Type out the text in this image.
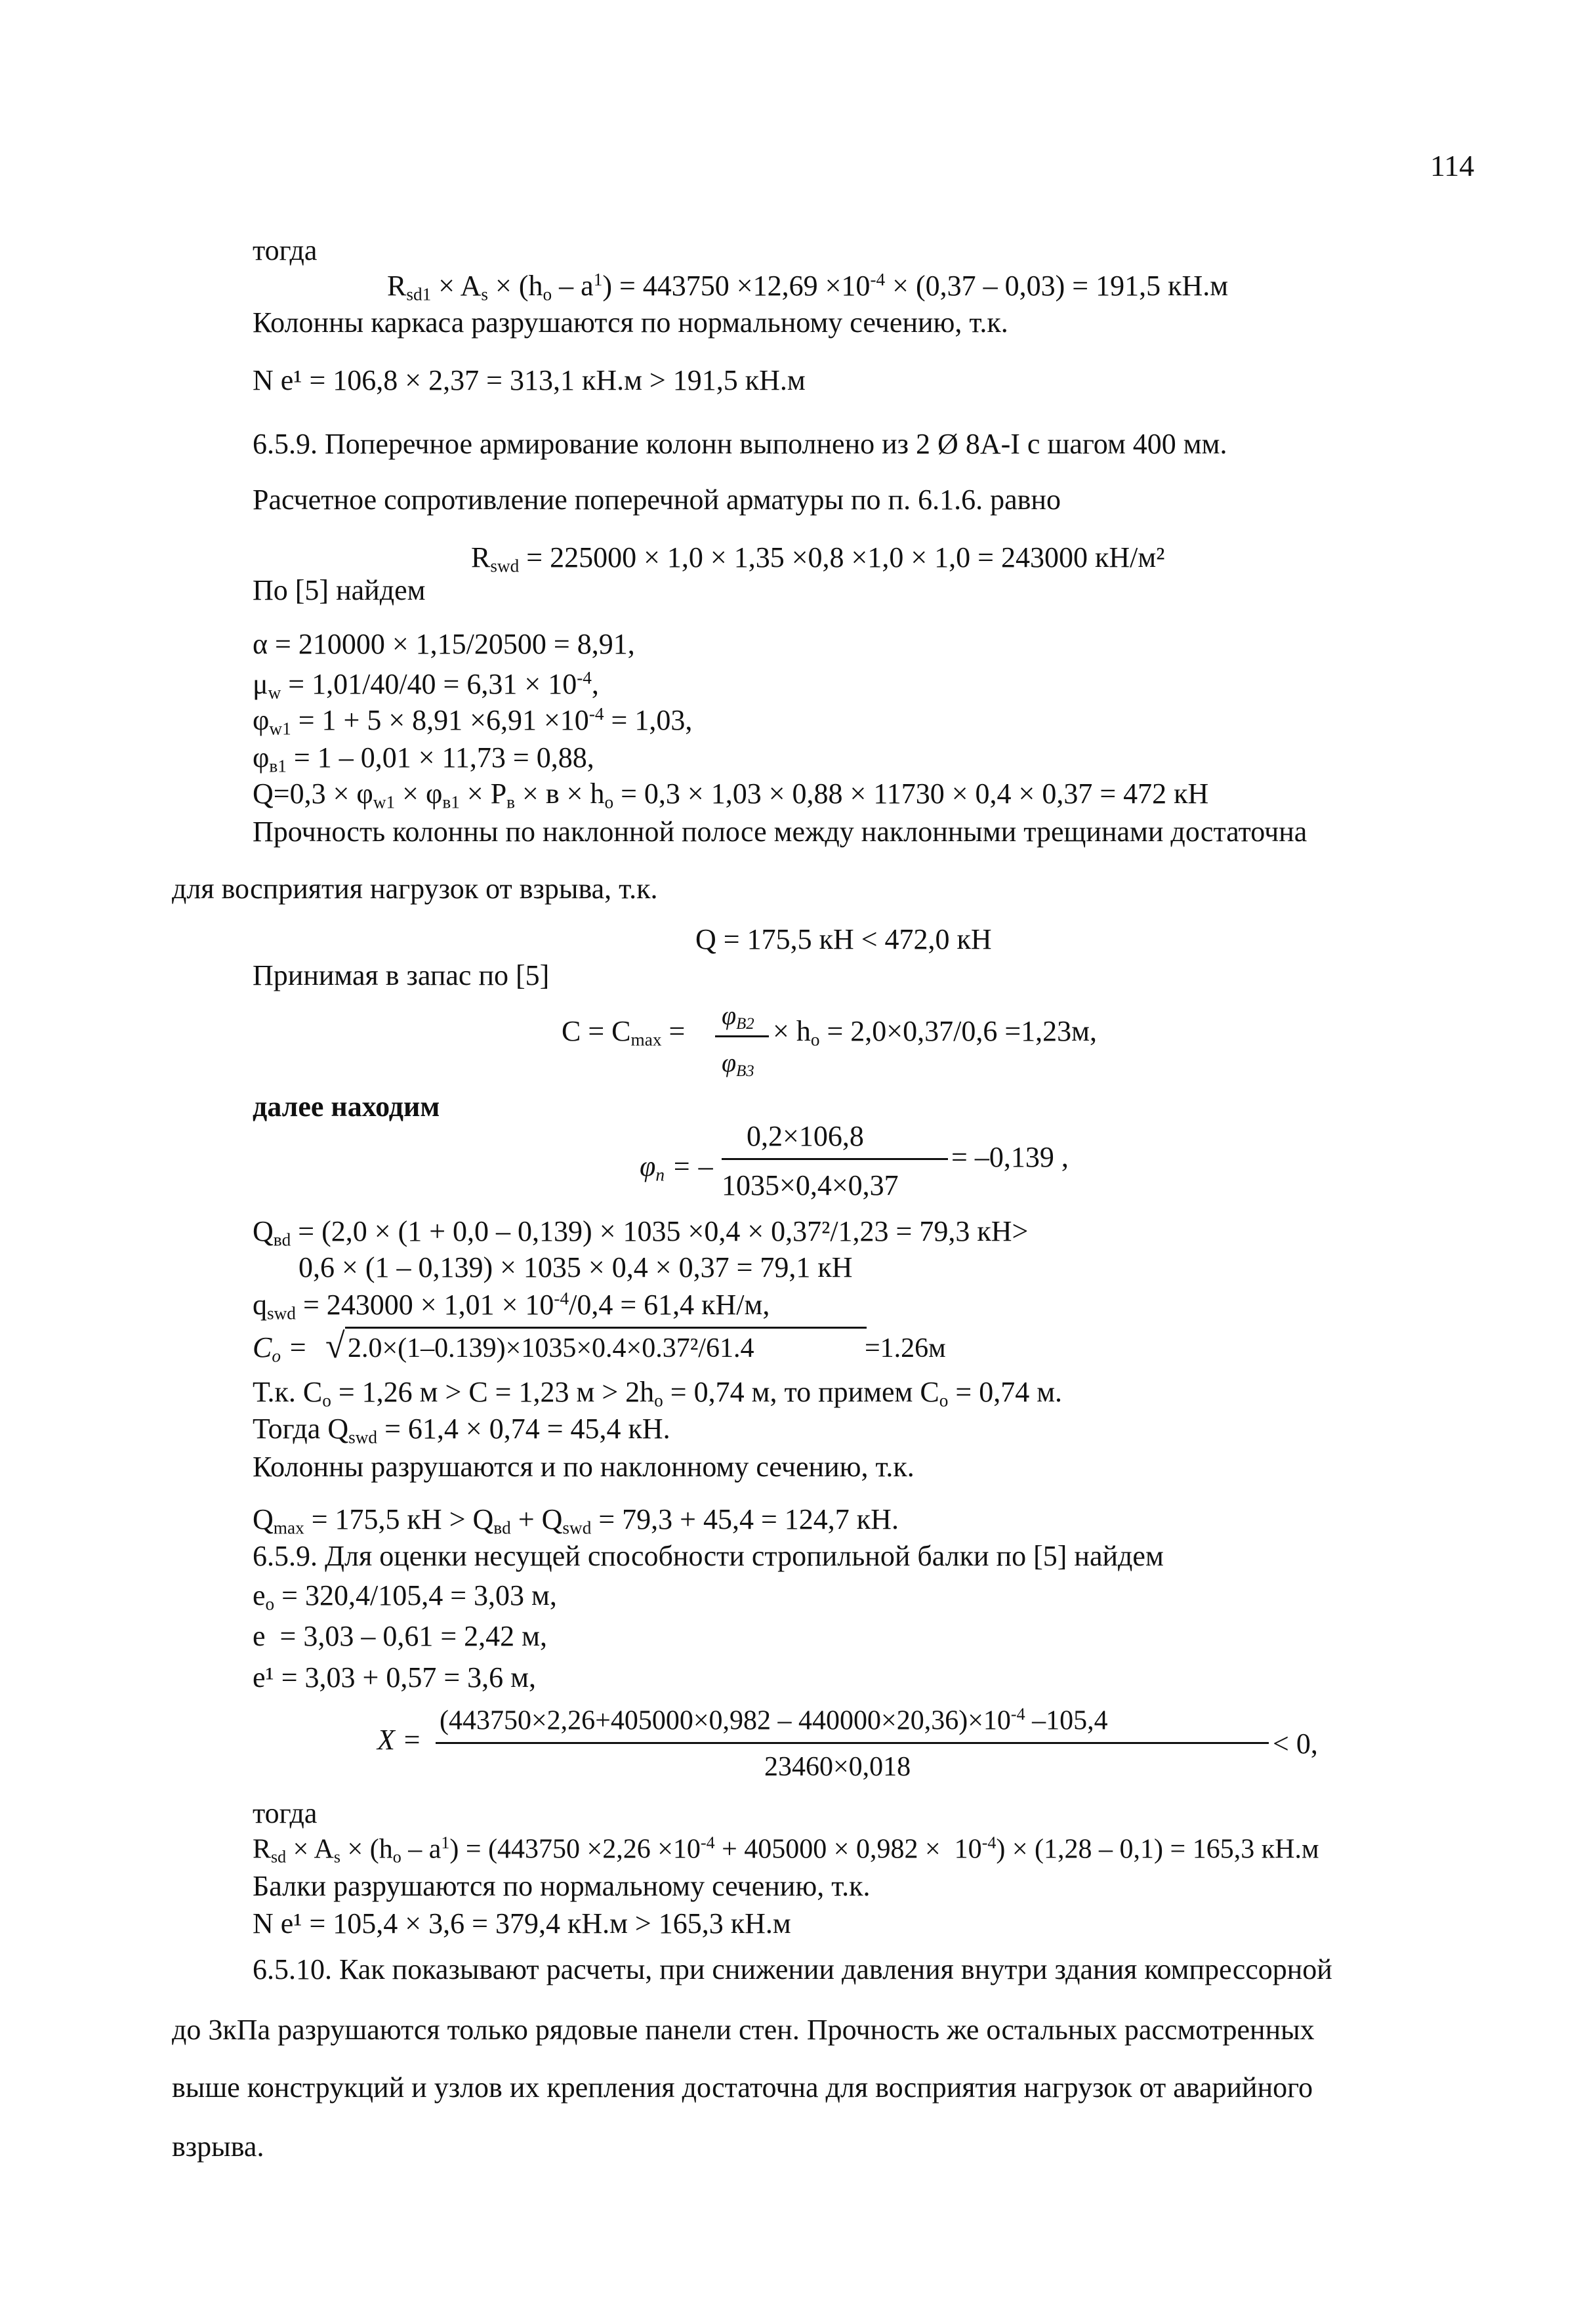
114
тогда
$R_{sd1} \times A_s \times (h_o - a^1) = 443750 \times 12,69 \times 10^{-4} \times (0,37 - 0,03) = 191,5$ кН.м
Колонны каркаса разрушаются по нормальному сечению, т.к.
N e¹ = 106,8 × 2,37 = 313,1 кН.м > 191,5 кН.м
6.5.9. Поперечное армирование колонн выполнено из 2 Ø 8А-I с шагом 400 мм.
Расчетное сопротивление поперечной арматуры по п. 6.1.6. равно
$R_{swd} = 225000 \times 1,0 \times 1,35 \times 0,8 \times 1,0 \times 1,0 = 243000$ кН/м²
По [5] найдем
α = 210000 × 1,15/20500 = 8,91,
$\mu_w = 1,01/40/40 = 6,31 \times 10^{-4}$,
$\varphi_{w1} = 1 + 5 \times 8,91 \times 6,91 \times 10^{-4} = 1,03$,
$\varphi_{в1} = 1 - 0,01 \times 11,73 = 0,88$,
$Q=0,3 \times \varphi_{w1} \times \varphi_{в1} \times P_в \times в \times h_o = 0,3 \times 1,03 \times 0,88 \times 11730 \times 0,4 \times 0,37 = 472$ кН
Прочность колонны по наклонной полосе между наклонными трещинами достаточна
для восприятия нагрузок от взрыва, т.к.
Q = 175,5 кН < 472,0 кН
Принимая в запас по [5]
$C = C_{max} = \varphi_{B2}$
$\varphi_{B3}$
× $h_o = 2,0\times 0,37/0,6 =1,23м$,
далее находим
$\varphi_n$ = –
0,2×106,8
1035×0,4×0,37
= –0,139 ,
$Q_{вd} = (2,0 \times (1 + 0,0 - 0,139) \times 1035 \times 0,4 \times 0,37^2/1,23 = 79,3$ кН>
0,6 × (1 – 0,139) × 1035 × 0,4 × 0,37 = 79,1 кН
$q_{swd} = 243000 \times 1,01 \times 10^{-4}/0,4 = 61,4$ кН/м,
$C_o$ = √ 2.0×(1–0.139)×1035×0.4×0.37²/61.4	=1.26м
Т.к. $C_o = 1,26$ м > C = 1,23 $м > 2h_o = 0,74$ м, то примем $C_o = 0,74$ м.
Тогда $Q_{swd} = 61,4 \times 0,74 = 45,4$ кН.
Колонны разрушаются и по наклонному сечению, т.к.
$Q_{max} = 175,5$ кН > $Q_{вd} + Q_{swd} = 79,3 + 45,4 = 124,7$ кН.
6.5.9. Для оценки несущей способности стропильной балки по [5] найдем
$e_o = 320,4/105,4 = 3,03$ м,
e  = 3,03 – 0,61 = 2,42 м,
e¹ = 3,03 + 0,57 = 3,6 м,
X =
$(443750\times 2,26+405000\times 0,982 - 440000\times 20,36)\times 10^{-4}$ –105,4
23460×0,018
< 0,
тогда
$R_{sd} \times A_s \times (h_o - a^1) = (443750 \times 2,26 \times 10^{-4} + 405000 \times 0,982 \times 10^{-4}) \times (1,28 - 0,1) = 165,3$ кН.м
Балки разрушаются по нормальному сечению, т.к.
N e¹ = 105,4 × 3,6 = 379,4 кН.м > 165,3 кН.м
6.5.10. Как показывают расчеты, при снижении давления внутри здания компрессорной
до 3кПа разрушаются только рядовые панели стен. Прочность же остальных рассмотренных
выше конструкций и узлов их крепления достаточна для восприятия нагрузок от аварийного
взрыва.
